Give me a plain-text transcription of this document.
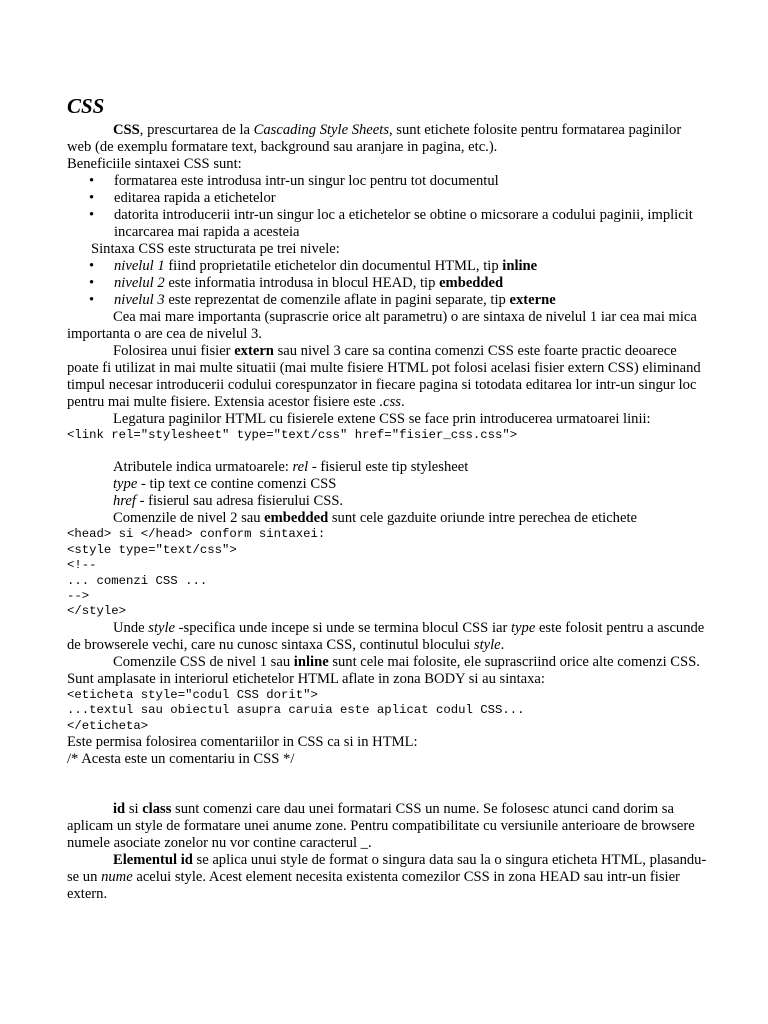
CSS

CSS, prescurtarea de la Cascading Style Sheets, sunt etichete folosite pentru formatarea paginilor web (de exemplu formatare text, background sau aranjare in pagina, etc.).

Beneficiile sintaxei CSS sunt:

• formatarea este introdusa intr-un singur loc pentru tot documentul
• editarea rapida a etichetelor
• datorita introducerii intr-un singur loc a etichetelor se obtine o micsorare a codului paginii, implicit incarcarea mai rapida a acesteia

Sintaxa CSS este structurata pe trei nivele:

• nivelul 1 fiind proprietatile etichetelor din documentul HTML, tip inline
• nivelul 2 este informatia introdusa in blocul HEAD, tip embedded
• nivelul 3 este reprezentat de comenzile aflate in pagini separate, tip externe

Cea mai mare importanta (suprascrie orice alt parametru) o are sintaxa de nivelul 1 iar cea mai mica importanta o are cea de nivelul 3.

Folosirea unui fisier extern sau nivel 3 care sa contina comenzi CSS este foarte practic deoarece poate fi utilizat in mai multe situatii (mai multe fisiere HTML pot folosi acelasi fisier extern CSS) eliminand timpul necesar introducerii codului corespunzator in fiecare pagina si totodata editarea lor intr-un singur loc pentru mai multe fisiere. Extensia acestor fisiere este .css.

Legatura paginilor HTML cu fisierele extene CSS se face prin introducerea urmatoarei linii:

<link rel="stylesheet" type="text/css" href="fisier_css.css">

Atributele indica urmatoarele: rel - fisierul este tip stylesheet

type - tip text ce contine comenzi CSS

href - fisierul sau adresa fisierului CSS.

Comenzile de nivel 2 sau embedded sunt cele gazduite oriunde intre perechea de etichete

<head> si </head> conform sintaxei:
<style type="text/css">
<!--
... comenzi CSS ...
-->
</style>

Unde style -specifica unde incepe si unde se termina blocul CSS iar type este folosit pentru a ascunde de browserele vechi, care nu cunosc sintaxa CSS, continutul blocului style.

Comenzile CSS de nivel 1 sau inline sunt cele mai folosite, ele suprascriind orice alte comenzi CSS. Sunt amplasate in interiorul etichetelor HTML aflate in zona BODY si au sintaxa:

<eticheta style="codul CSS dorit">
...textul sau obiectul asupra caruia este aplicat codul CSS...
</eticheta>

Este permisa folosirea comentariilor in CSS ca si in HTML:

/* Acesta este un comentariu in CSS */

id si class sunt comenzi care dau unei formatari CSS un nume. Se folosesc atunci cand dorim sa aplicam un style de formatare unei anume zone. Pentru compatibilitate cu versiunile anterioare de browsere numele asociate zonelor nu vor contine caracterul _.

Elementul id se aplica unui style de format o singura data sau la o singura eticheta HTML, plasandu-se un nume acelui style. Acest element necesita existenta comezilor CSS in zona HEAD sau intr-un fisier extern.
